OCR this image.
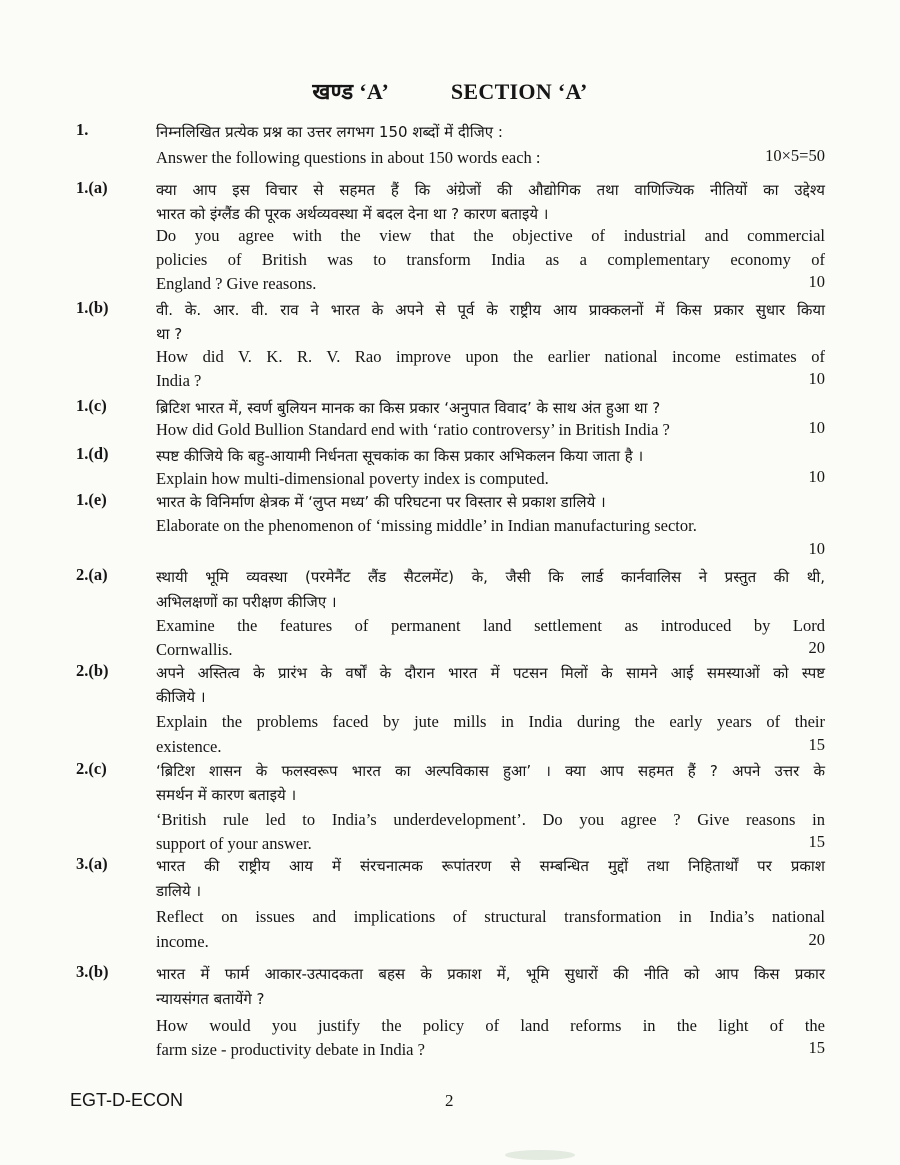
खण्ड ‘A’	SECTION ‘A’
1.	निम्नलिखित प्रत्येक प्रश्न का उत्तर लगभग 150 शब्दों में दीजिए :
Answer the following questions in about 150 words each :	10×5=50
1.(a)	क्या आप इस विचार से सहमत हैं कि अंग्रेजों की औद्योगिक तथा वाणिज्यिक नीतियों का उद्देश्य
भारत को इंग्लैंड की पूरक अर्थव्यवस्था में बदल देना था ? कारण बताइये ।
Do you agree with the view that the objective of industrial and commercial
policies of British was to transform India as a complementary economy of
England ? Give reasons.	10
1.(b)	वी. के. आर. वी. राव ने भारत के अपने से पूर्व के राष्ट्रीय आय प्राक्कलनों में किस प्रकार सुधार किया
था ?
How did V. K. R. V. Rao improve upon the earlier national income estimates of
India ?	10
1.(c)	ब्रिटिश भारत में, स्वर्ण बुलियन मानक का किस प्रकार ‘अनुपात विवाद’ के साथ अंत हुआ था ?
How did Gold Bullion Standard end with ‘ratio controversy’ in British India ?	10
1.(d)	स्पष्ट कीजिये कि बहु-आयामी निर्धनता सूचकांक का किस प्रकार अभिकलन किया जाता है ।
Explain how multi-dimensional poverty index is computed.	10
1.(e)	भारत के विनिर्माण क्षेत्रक में ‘लुप्त मध्य’ की परिघटना पर विस्तार से प्रकाश डालिये ।
Elaborate on the phenomenon of ‘missing middle’ in Indian manufacturing sector.
10
2.(a)	स्थायी भूमि व्यवस्था (परमेनैंट लैंड सैटलमेंट) के, जैसी कि लार्ड कार्नवालिस ने प्रस्तुत की थी,
अभिलक्षणों का परीक्षण कीजिए ।
Examine the features of permanent land settlement as introduced by Lord
Cornwallis.	20
2.(b)	अपने अस्तित्व के प्रारंभ के वर्षों के दौरान भारत में पटसन मिलों के सामने आई समस्याओं को स्पष्ट
कीजिये ।
Explain the problems faced by jute mills in India during the early years of their
existence.	15
2.(c)	‘ब्रिटिश शासन के फलस्वरूप भारत का अल्पविकास हुआ’ । क्या आप सहमत हैं ? अपने उत्तर के
समर्थन में कारण बताइये ।
‘British rule led to India’s underdevelopment’. Do you agree ? Give reasons in
support of your answer.	15
3.(a)	भारत की राष्ट्रीय आय में संरचनात्मक रूपांतरण से सम्बन्धित मुद्दों तथा निहितार्थों पर प्रकाश
डालिये ।
Reflect on issues and implications of structural transformation in India’s national
income.	20
3.(b)	भारत में फार्म आकार-उत्पादकता बहस के प्रकाश में, भूमि सुधारों की नीति को आप किस प्रकार
न्यायसंगत बतायेंगे ?
How would you justify the policy of land reforms in the light of the
farm size - productivity debate in India ?	15
EGT-D-ECON	2
